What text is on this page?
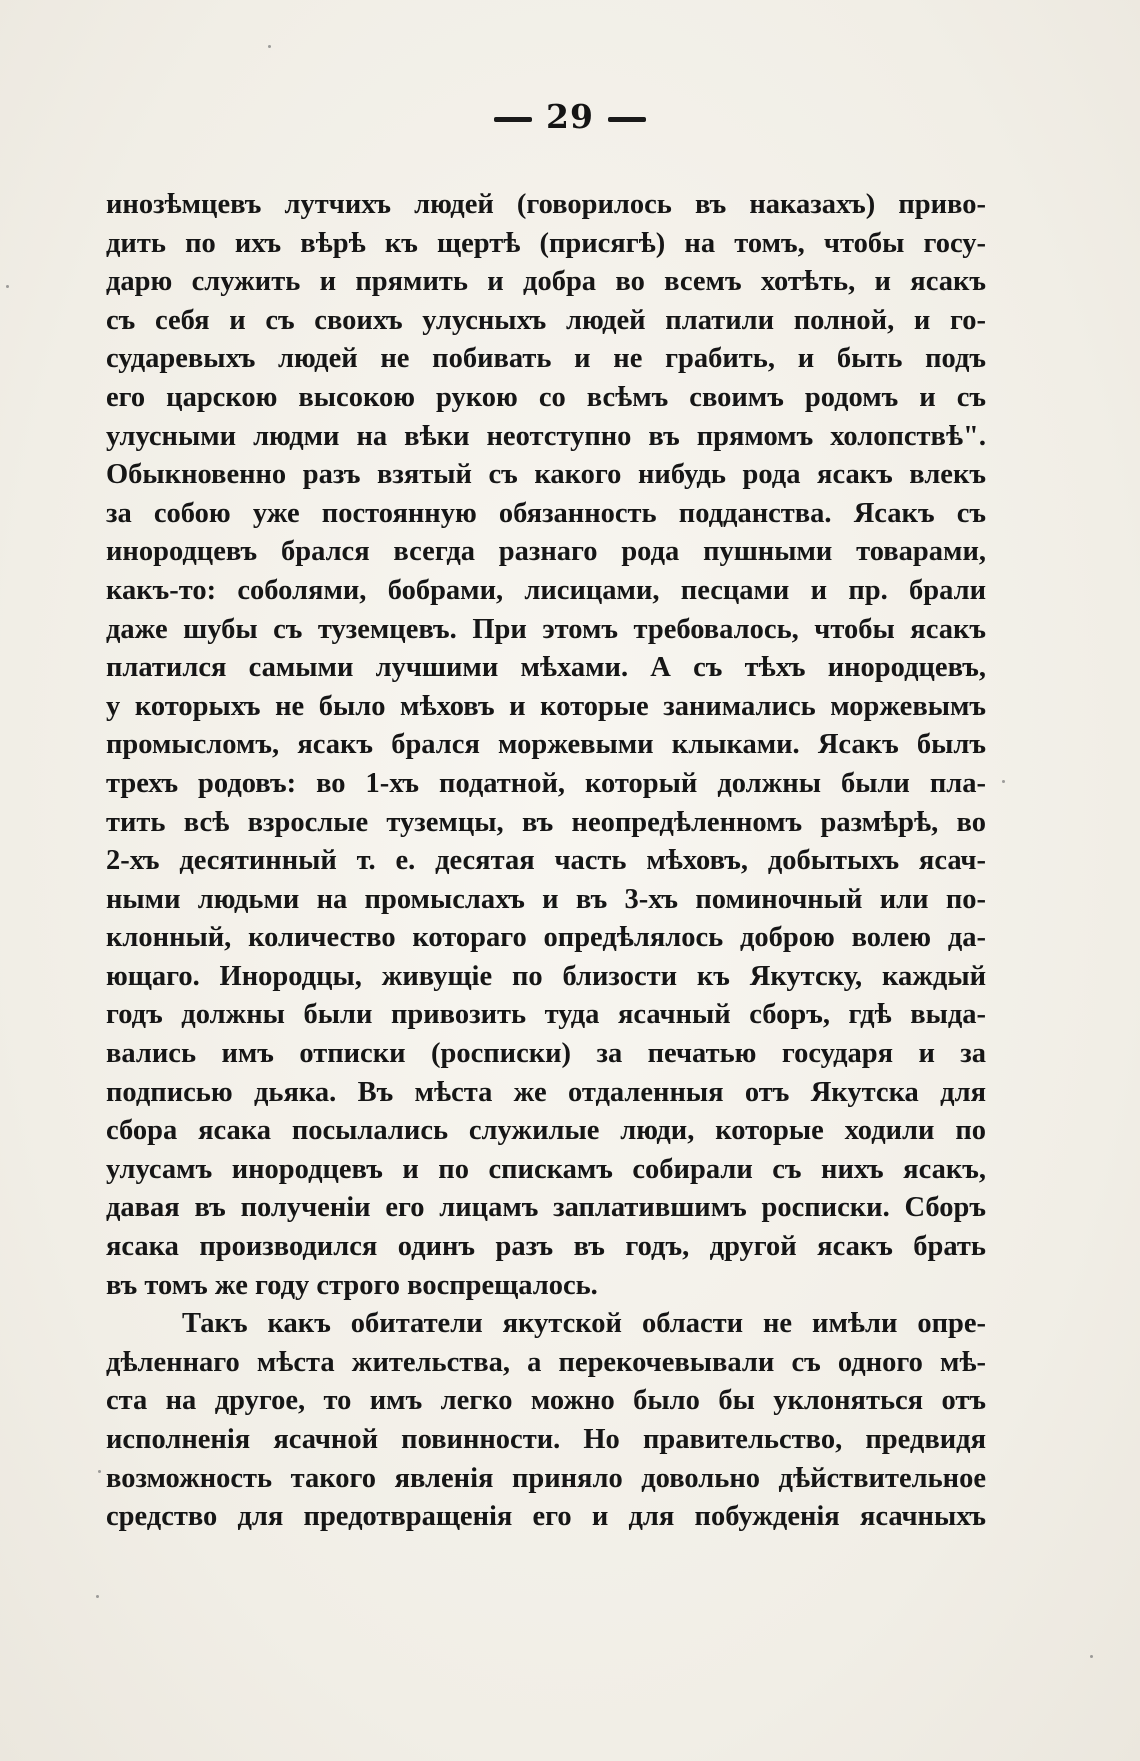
29
инозѣмцевъ лутчихъ людей (говорилось въ наказахъ) приво-
дить по ихъ вѣрѣ къ щертѣ (присягѣ) на томъ, чтобы госу-
дарю служить и прямить и добра во всемъ хотѣть, и ясакъ
съ себя и съ своихъ улусныхъ людей платили полной, и го-
сударевыхъ людей не побивать и не грабить, и быть подъ
его царскою высокою рукою со всѣмъ своимъ родомъ и съ
улусными людми на вѣки неотступно въ прямомъ холопствѣ".
Обыкновенно разъ взятый съ какого нибудь рода ясакъ влекъ
за собою уже постоянную обязанность подданства. Ясакъ съ
инородцевъ брался всегда разнаго рода пушными товарами,
какъ-то: соболями, бобрами, лисицами, песцами и пр. брали
даже шубы съ туземцевъ. При этомъ требовалось, чтобы ясакъ
платился самыми лучшими мѣхами. А съ тѣхъ инородцевъ,
у которыхъ не было мѣховъ и которые занимались моржевымъ
промысломъ, ясакъ брался моржевыми клыками. Ясакъ былъ
трехъ родовъ: во 1-хъ податной, который должны были пла-
тить всѣ взрослые туземцы, въ неопредѣленномъ размѣрѣ, во
2-хъ десятинный т. е. десятая часть мѣховъ, добытыхъ ясач-
ными людьми на промыслахъ и въ 3-хъ поминочный или по-
клонный, количество котораго опредѣлялось доброю волею да-
ющаго. Инородцы, живущіе по близости къ Якутску, каждый
годъ должны были привозить туда ясачный сборъ, гдѣ выда-
вались имъ отписки (росписки) за печатью государя и за
подписью дьяка. Въ мѣста же отдаленныя отъ Якутска для
сбора ясака посылались служилые люди, которые ходили по
улусамъ инородцевъ и по спискамъ собирали съ нихъ ясакъ,
давая въ полученіи его лицамъ заплатившимъ росписки. Сборъ
ясака производился одинъ разъ въ годъ, другой ясакъ брать
въ томъ же году строго воспрещалось.
Такъ какъ обитатели якутской области не имѣли опре-
дѣленнаго мѣста жительства, а перекочевывали съ одного мѣ-
ста на другое, то имъ легко можно было бы уклоняться отъ
исполненія ясачной повинности. Но правительство, предвидя
возможность такого явленія приняло довольно дѣйствительное
средство для предотвращенія его и для побужденія ясачныхъ
